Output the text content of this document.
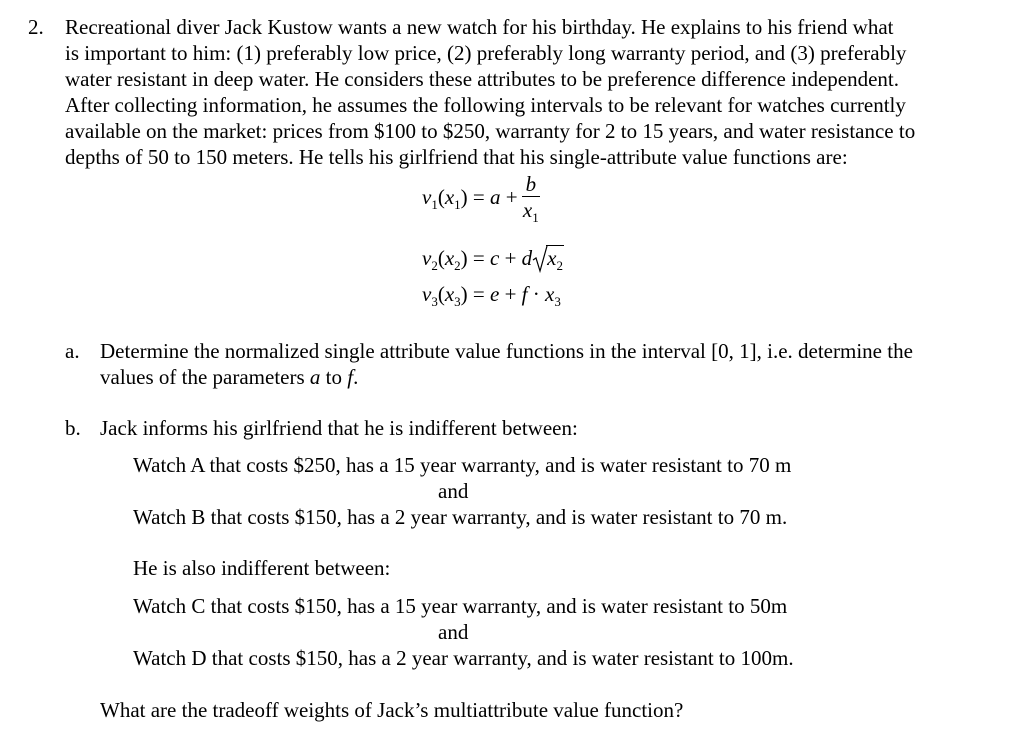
2. Recreational diver Jack Kustow wants a new watch for his birthday. He explains to his friend what
is important to him: (1) preferably low price, (2) preferably long warranty period, and (3) preferably
water resistant in deep water. He considers these attributes to be preference difference independent.
After collecting information, he assumes the following intervals to be relevant for watches currently
available on the market: prices from $100 to $250, warranty for 2 to 15 years, and water resistance to
depths of 50 to 150 meters. He tells his girlfriend that his single-attribute value functions are:
$v_1(x_1) = a + \frac{b}{x_1}$
$v_2(x_2) = c + d$ $x_2$
$v_3(x_3) = e + f \cdot x_3$
a. Determine the normalized single attribute value functions in the interval [0, 1], i.e. determine the
values of the parameters a to f.
b. Jack informs his girlfriend that he is indifferent between:
Watch A that costs $250, has a 15 year warranty, and is water resistant to 70 m
and
Watch B that costs $150, has a 2 year warranty, and is water resistant to 70 m.
He is also indifferent between:
Watch C that costs $150, has a 15 year warranty, and is water resistant to 50m
and
Watch D that costs $150, has a 2 year warranty, and is water resistant to 100m.
What are the tradeoff weights of Jack’s multiattribute value function?
